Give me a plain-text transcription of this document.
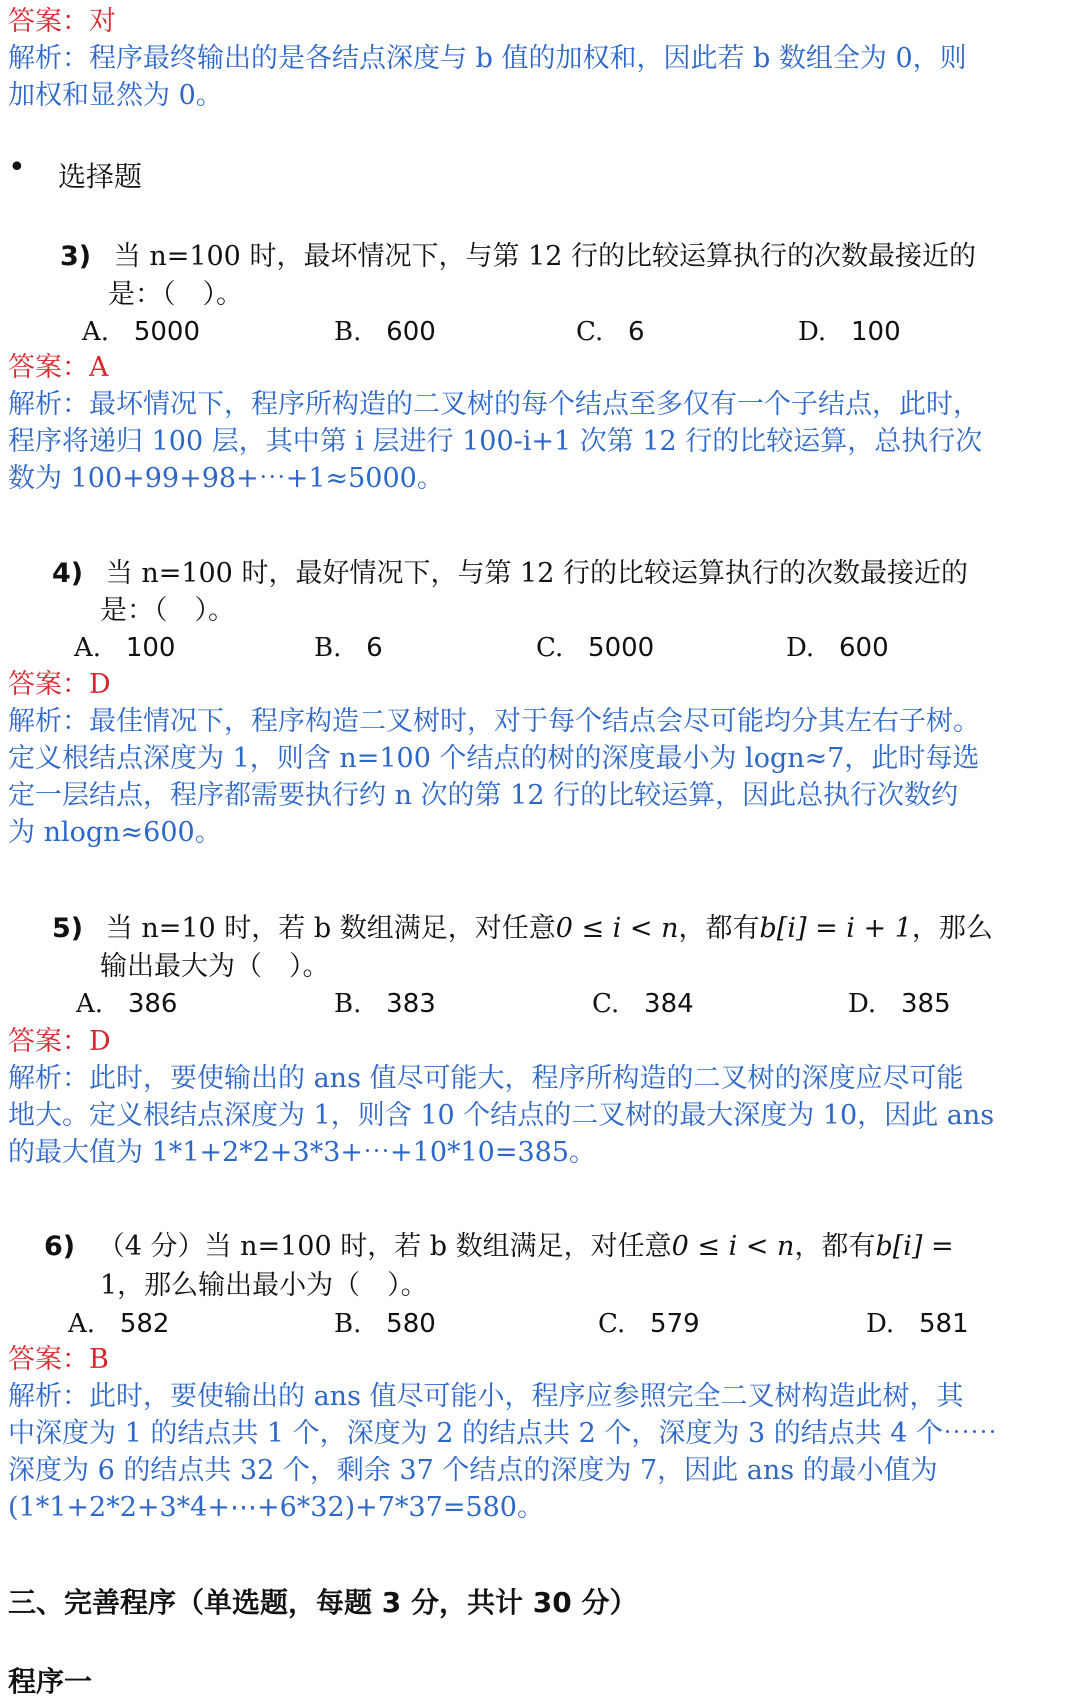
答案：对
解析：程序最终输出的是各结点深度与 b 值的加权和，因此若 b 数组全为 0，则
加权和显然为 0。
• 选择题
3) 当 n=100 时，最坏情况下，与第 12 行的比较运算执行的次数最接近的
是：（　）。
A. 5000	B. 600	C. 6	D. 100
答案：A
解析：最坏情况下，程序所构造的二叉树的每个结点至多仅有一个子结点，此时，
程序将递归 100 层，其中第 i 层进行 100-i+1 次第 12 行的比较运算，总执行次
数为 100+99+98+⋯+1≈5000。
4) 当 n=100 时，最好情况下，与第 12 行的比较运算执行的次数最接近的
是：（　）。
A. 100	B. 6	C. 5000	D. 600
答案：D
解析：最佳情况下，程序构造二叉树时，对于每个结点会尽可能均分其左右子树。
定义根结点深度为 1，则含 n=100 个结点的树的深度最小为 logn≈7，此时每选
定一层结点，程序都需要执行约 n 次的第 12 行的比较运算，因此总执行次数约
为 nlogn≈600。
5) 当 n=10 时，若 b 数组满足，对任意0 ≤ i < n，都有b[i] = i + 1，那么
输出最大为（　）。
A. 386	B. 383	C. 384	D. 385
答案：D
解析：此时，要使输出的 ans 值尽可能大，程序所构造的二叉树的深度应尽可能
地大。定义根结点深度为 1，则含 10 个结点的二叉树的最大深度为 10，因此 ans
的最大值为 1*1+2*2+3*3+⋯+10*10=385。
6) （4 分）当 n=100 时，若 b 数组满足，对任意0 ≤ i < n，都有b[i] =
1，那么输出最小为（　）。
A. 582	B. 580	C. 579	D. 581
答案：B
解析：此时，要使输出的 ans 值尽可能小，程序应参照完全二叉树构造此树，其
中深度为 1 的结点共 1 个，深度为 2 的结点共 2 个，深度为 3 的结点共 4 个⋯⋯
深度为 6 的结点共 32 个，剩余 37 个结点的深度为 7，因此 ans 的最小值为
(1*1+2*2+3*4+⋯+6*32)+7*37=580。
三、完善程序（单选题，每题 3 分，共计 30 分）
程序一
